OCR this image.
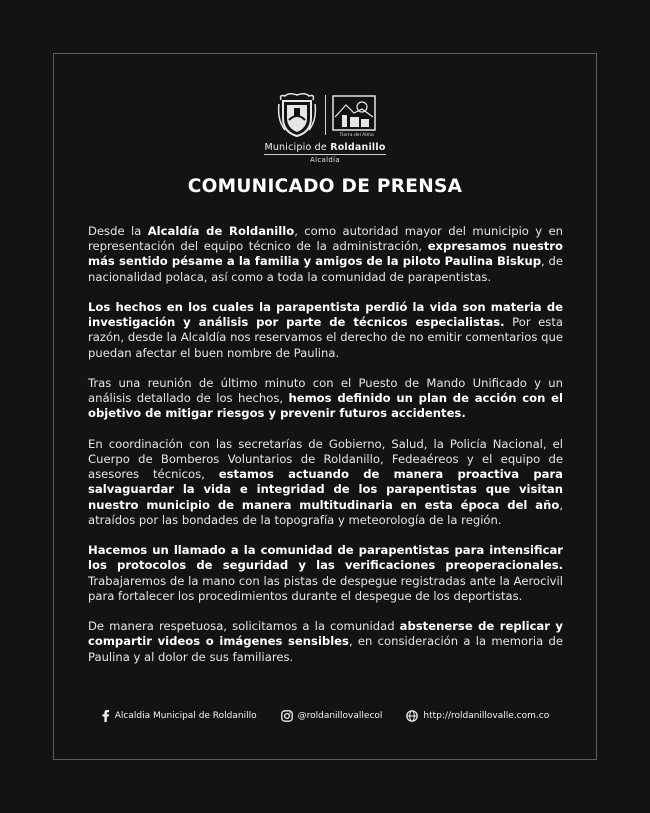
Tierra del Alma
Municipio de Roldanillo
Alcaldía
COMUNICADO DE PRENSA

Desde la Alcaldía de Roldanillo, como autoridad mayor del municipio y en representación del equipo técnico de la administración, expresamos nuestro más sentido pésame a la familia y amigos de la piloto Paulina Biskup, de nacionalidad polaca, así como a toda la comunidad de parapentistas.

Los hechos en los cuales la parapentista perdió la vida son materia de investigación y análisis por parte de técnicos especialistas. Por esta razón, desde la Alcaldía nos reservamos el derecho de no emitir comentarios que puedan afectar el buen nombre de Paulina.

Tras una reunión de último minuto con el Puesto de Mando Unificado y un análisis detallado de los hechos, hemos definido un plan de acción con el objetivo de mitigar riesgos y prevenir futuros accidentes.

En coordinación con las secretarías de Gobierno, Salud, la Policía Nacional, el Cuerpo de Bomberos Voluntarios de Roldanillo, Fedeaéreos y el equipo de asesores técnicos, estamos actuando de manera proactiva para salvaguardar la vida e integridad de los parapentistas que visitan nuestro municipio de manera multitudinaria en esta época del año, atraídos por las bondades de la topografía y meteorología de la región.

Hacemos un llamado a la comunidad de parapentistas para intensificar los protocolos de seguridad y las verificaciones preoperacionales. Trabajaremos de la mano con las pistas de despegue registradas ante la Aerocivil para fortalecer los procedimientos durante el despegue de los deportistas.

De manera respetuosa, solicitamos a la comunidad abstenerse de replicar y compartir videos o imágenes sensibles, en consideración a la memoria de Paulina y al dolor de sus familiares.

Alcaldia Municipal de Roldanillo	@roldanillovallecol	http://roldanillovalle.com.co
